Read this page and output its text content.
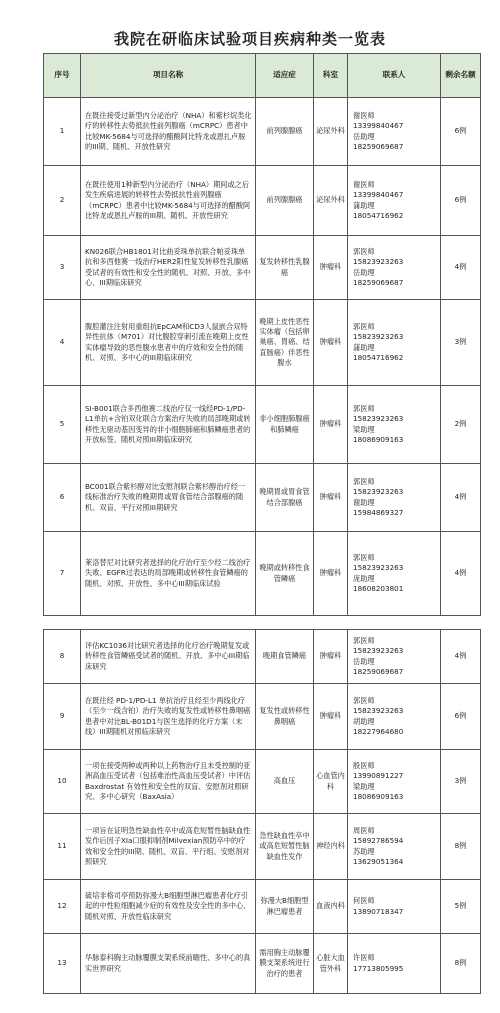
我院在研临床试验项目疾病种类一览表
序号	项目名称	适应症	科室	联系人	剩余名额
1	在既往接受过新型内分泌治疗（NHA）和紫杉烷类化疗的转移性去势抵抗性前列腺癌（mCRPC）患者中比较MK-5684与可选择的醋酸阿比特龙或恩扎卢胺的III期、随机、开放性研究	前列腺腺癌	泌尿外科	谢医师
13399840467
岳助理
18259069687	6例
2	在既往使用1种新型内分泌治疗（NHA）期间或之后发生疾病进展的转移性去势抵抗性前列腺癌（mCRPC）患者中比较MK-5684与可选择的醋酸阿比特龙或恩扎卢胺的III期、随机、开放性研究	前列腺腺癌	泌尿外科	谢医师
13399840467
蒲助理
18054716962	6例
3	KN026联合HB1801对比曲妥珠单抗联合帕妥珠单抗和多西他赛一线治疗HER2阳性复发转移性乳腺癌受试者的有效性和安全性的随机、对照、开放、多中心、III期临床研究	复发转移性乳腺癌	肿瘤科	郭医师
15823923263
岳助理
18259069687	4例
4	腹腔灌注注射用重组抗EpCAM和CD3人鼠嵌合双特异性抗体（M701）对比腹腔穿刺引流在晚期上皮性实体瘤导致的恶性腹水患者中的疗效和安全性的随机、对照、多中心的III期临床研究	晚期上皮性恶性实体瘤（包括卵巢癌、胃癌、结直肠癌）伴恶性腹水	肿瘤科	郭医师
15823923263
蒲助理
18054716962	3例
5	SI-B001联合多西他赛二线治疗仅一线经PD-1/PD-L1单抗+含铂双化联合方案治疗失败的局部晚期或转移性无驱动基因变异的非小细胞肺癌和肺鳞癌患者的开放标签、随机对照III期临床研究	非小细胞肺腺癌和肺鳞癌	肿瘤科	郭医师
15823923263
梁助理
18086909163	2例
6	BC001联合紫杉醇对比安慰剂联合紫杉醇治疗经一线标准治疗失败的晚期胃或胃食管结合部腺癌的随机、双盲、平行对照III期研究	晚期胃或胃食管结合部腺癌	肿瘤科	郭医师
15823923263
谢助理
15984869327	4例
7	莱洛替尼对比研究者选择的化疗治疗至少经二线治疗失败、EGFR过表达的局部晚期或转移性食管鳞癌的随机、对照、开放性、多中心III期临床试验	晚期或转移性食管鳞癌	肿瘤科	郭医师
15823923263
庞助理
18608203801	4例

8	评估KC1036对比研究者选择的化疗治疗晚期复发或转移性食管鳞癌受试者的随机、开放、多中心III期临床研究	晚期食管鳞癌	肿瘤科	郭医师
15823923263
岳助理
18259069687	4例
9	在既往经 PD-1/PD-L1 单抗治疗且经至少两线化疗（至少一线含铂）治疗失败的复发性或转移性鼻咽癌患者中对比BL-B01D1与医生选择的化疗方案（末线）III期随机对照临床研究	复发性或转移性鼻咽癌	肿瘤科	郭医师
15823923263
胡助理
18227964680	6例
10	一项在接受两种或两种以上药物治疗且未受控制的亚洲高血压受试者（包括难治性高血压受试者）中评估Baxdrostat 有效性和安全性的双盲、安慰剂对照研究、多中心研究（BaxAsia）	高血压	心血管内科	殷医师
13990891227
梁助理
18086909163	3例
11	一项旨在证明急性缺血性卒中或高危短暂性脑缺血性发作后因子XIa口服抑制剂Milvexian预防卒中的疗效和安全性的III期、随机、双盲、平行组、安慰剂对照研究	急性缺血性卒中或高危短暂性脑缺血性发作	神经内科	周医师
15892786594
苏助理
13629051364	8例
12	硫培非格司亭预防弥漫大B细胞型淋巴瘤患者化疗引起的中性粒细胞减少症的有效性及安全性的多中心、随机对照、开放性临床研究	弥漫大B细胞型淋巴瘤患者	血液内科	何医师
13890718347	5例
13	华脉泰科胸主动脉覆膜支架系统前瞻性、多中心的真实世界研究	需用胸主动脉覆膜支架系统进行治疗的患者	心脏大血管外科	许医师
17713805995	8例
